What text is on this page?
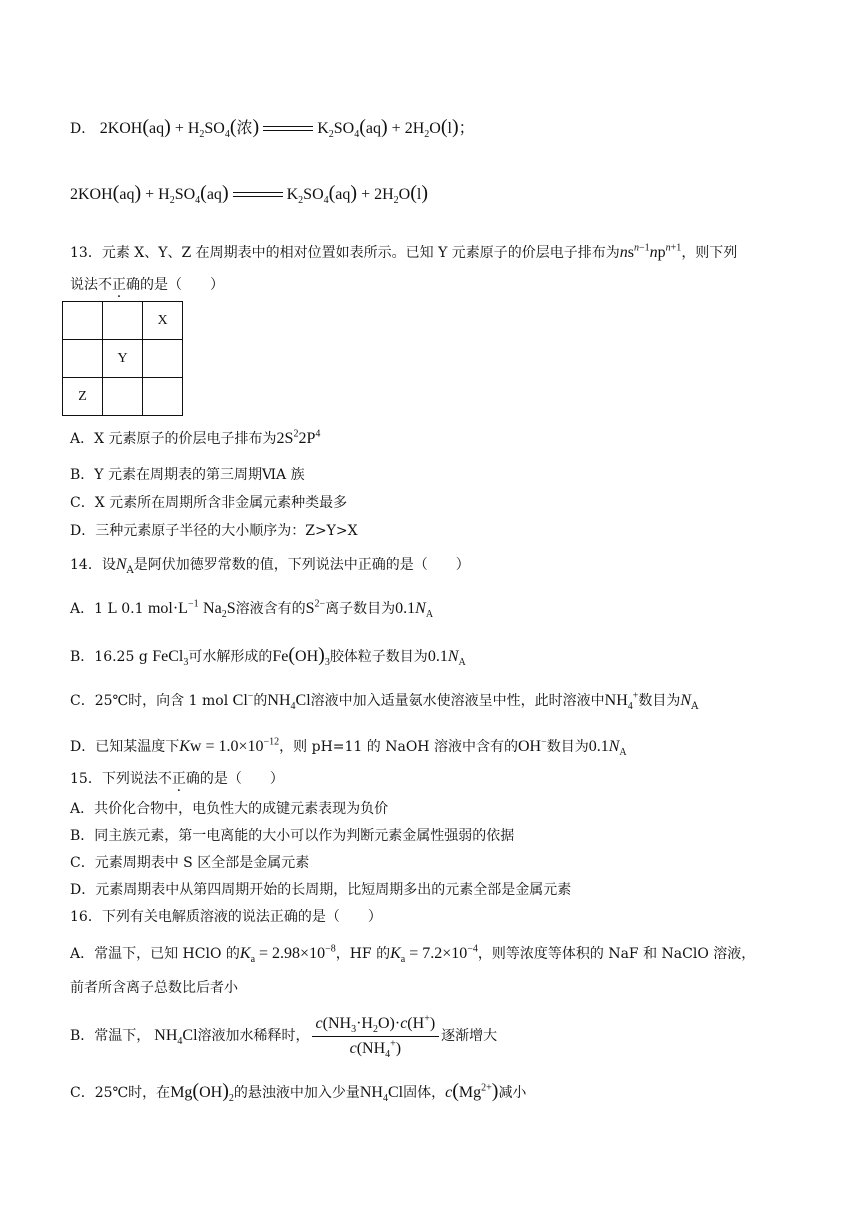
D． $2KOH(aq) + H_2SO_4$(浓)	$K_2SO_4(aq) + 2H_2O(l)$；
$2KOH(aq) + H_2SO_4(aq)$	$K_2SO_4(aq) + 2H_2O(l)$
13．元素 X、Y、Z 在周期表中的相对位置如表所示。已知 Y 元素原子的价层电子排布为$ns^{n-1}np^{n+1}$，则下列
说法不正确的是（　　）
		X
	Y	
Z		
A．X 元素原子的价层电子排布为$2S^22P^4$
B．Y 元素在周期表的第三周期ⅥA 族
C．X 元素所在周期所含非金属元素种类最多
D．三种元素原子半径的大小顺序为：Z>Y>X
14．设$N_A$是阿伏加德罗常数的值，下列说法中正确的是（　　）
A．1 L 0.1 $mol\cdot L^{-1}$ $Na_2S$溶液含有的$S^{2-}$离子数目为$0.1N_A$
B．16.25 g FeCl$_3$可水解形成的$Fe(OH)_3$胶体粒子数目为$0.1N_A$
C．25℃时，向含 1 mol Cl−的$NH_4Cl$溶液中加入适量氨水使溶液呈中性，此时溶液中$NH_4^+$数目为$N_A$
D．已知某温度下$Kw = 1.0\times 10^{-12}$，则 pH=11 的 NaOH 溶液中含有的OH−数目为$0.1N_A$
15．下列说法不正确的是（　　）
A．共价化合物中，电负性大的成键元素表现为负价
B．同主族元素，第一电离能的大小可以作为判断元素金属性强弱的依据
C．元素周期表中 S 区全部是金属元素
D．元素周期表中从第四周期开始的长周期，比短周期多出的元素全部是金属元素
16．下列有关电解质溶液的说法正确的是（　　）
A．常温下，已知 HClO 的$K_a = 2.98\times 10^{-8}$，HF 的$K_a = 7.2\times 10^{-4}$，则等浓度等体积的 NaF 和 NaClO 溶液，
前者所含离子总数比后者小
B．常温下， $NH_4Cl$ 溶液加水稀释时， $\frac{c(NH_3\cdot H_2O)\cdot c(H^+)}{c(NH_4^+)}$ 逐渐增大
C．25℃时，在$Mg(OH)_2$的悬浊液中加入少量$NH_4Cl$固体，$c(Mg^{2+})$减小
